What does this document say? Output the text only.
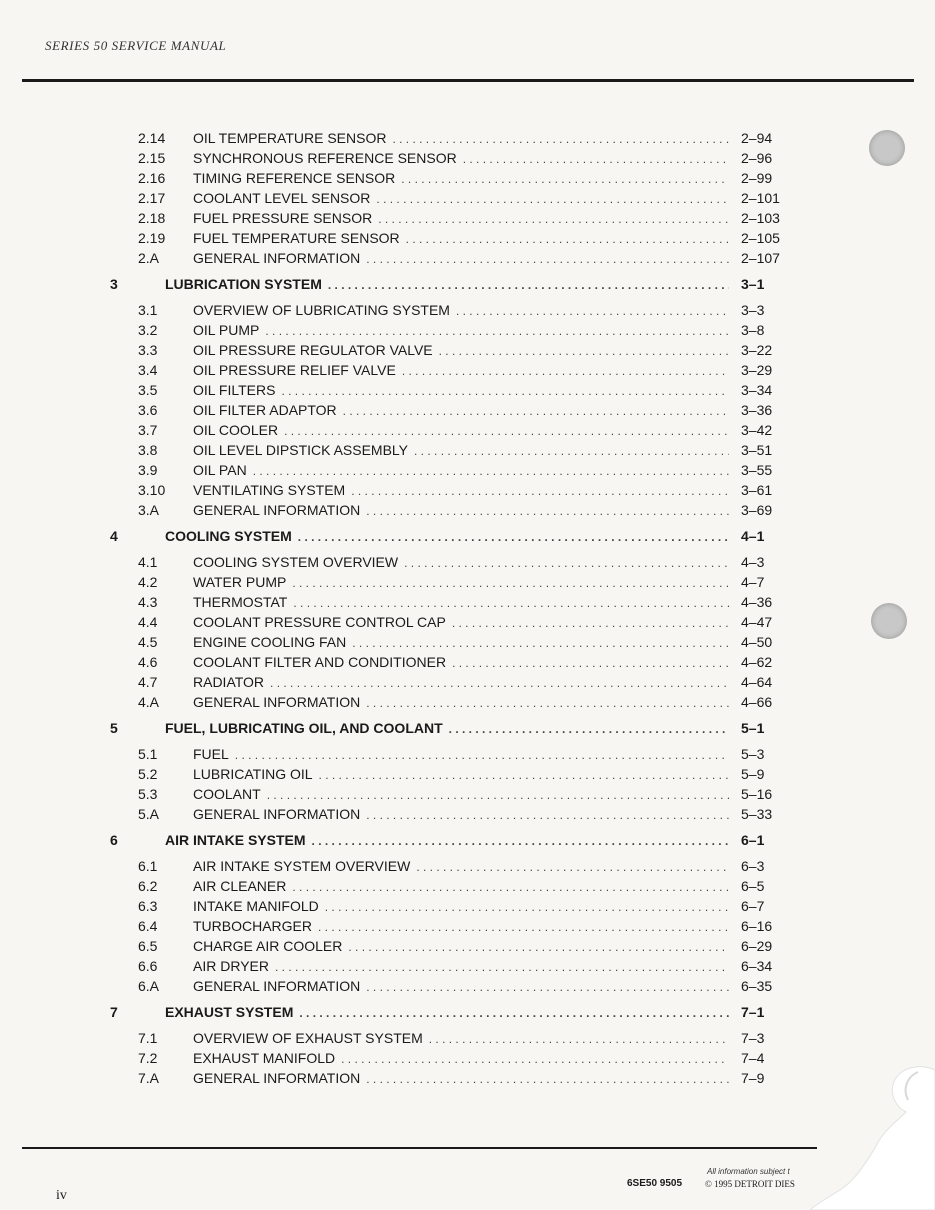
SERIES 50 SERVICE MANUAL
2.14 OIL TEMPERATURE SENSOR . . .	2–94
2.15 SYNCHRONOUS REFERENCE SENSOR . . .	2–96
2.16 TIMING REFERENCE SENSOR . . .	2–99
2.17 COOLANT LEVEL SENSOR . . .	2–101
2.18 FUEL PRESSURE SENSOR . . .	2–103
2.19 FUEL TEMPERATURE SENSOR . . .	2–105
2.A GENERAL INFORMATION . . .	2–107
3	LUBRICATION SYSTEM . . .	3–1
3.1	OVERVIEW OF LUBRICATING SYSTEM . . .	3–3
3.2	OIL PUMP . . .	3–8
3.3	OIL PRESSURE REGULATOR VALVE . . .	3–22
3.4	OIL PRESSURE RELIEF VALVE . . .	3–29
3.5	OIL FILTERS . . .	3–34
3.6	OIL FILTER ADAPTOR . . .	3–36
3.7	OIL COOLER . . .	3–42
3.8	OIL LEVEL DIPSTICK ASSEMBLY . . .	3–51
3.9	OIL PAN . . .	3–55
3.10 VENTILATING SYSTEM . . .	3–61
3.A GENERAL INFORMATION . . .	3–69
4	COOLING SYSTEM . . .	4–1
4.1	COOLING SYSTEM OVERVIEW . . .	4–3
4.2	WATER PUMP . . .	4–7
4.3	THERMOSTAT . . .	4–36
4.4	COOLANT PRESSURE CONTROL CAP . . .	4–47
4.5	ENGINE COOLING FAN . . .	4–50
4.6	COOLANT FILTER AND CONDITIONER . . .	4–62
4.7	RADIATOR . . .	4–64
4.A GENERAL INFORMATION . . .	4–66
5	FUEL, LUBRICATING OIL, AND COOLANT . . .	5–1
5.1	FUEL . . .	5–3
5.2	LUBRICATING OIL . . .	5–9
5.3	COOLANT . . .	5–16
5.A GENERAL INFORMATION . . .	5–33
6	AIR INTAKE SYSTEM . . .	6–1
6.1	AIR INTAKE SYSTEM OVERVIEW . . .	6–3
6.2	AIR CLEANER . . .	6–5
6.3	INTAKE MANIFOLD . . .	6–7
6.4	TURBOCHARGER . . .	6–16
6.5	CHARGE AIR COOLER . . .	6–29
6.6	AIR DRYER . . .	6–34
6.A GENERAL INFORMATION . . .	6–35
7	EXHAUST SYSTEM . . .	7–1
7.1	OVERVIEW OF EXHAUST SYSTEM . . .	7–3
7.2	EXHAUST MANIFOLD . . .	7–4
7.A GENERAL INFORMATION . . .	7–9
All information subject t
6SE50 9505	© 1995 DETROIT DIES
iv
